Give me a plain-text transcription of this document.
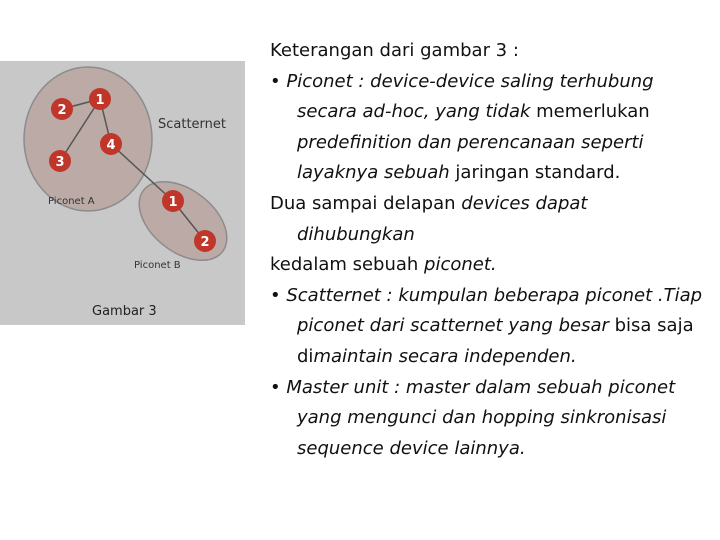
2
1
3
4
1
2
Scatternet
Piconet A
Piconet B
Gambar 3

Keterangan dari gambar 3 :

• Piconet : device-device saling terhubung secara ad-hoc, yang tidak memerlukan predefinition dan perencanaan seperti layaknya sebuah jaringan standard.

Dua sampai delapan devices dapat dihubungkan

kedalam sebuah piconet.

• Scatternet : kumpulan beberapa piconet .Tiap piconet dari scatternet yang besar bisa saja dimaintain secara independen.

• Master unit : master dalam sebuah piconet yang mengunci dan hopping sinkronisasi sequence device lainnya.
